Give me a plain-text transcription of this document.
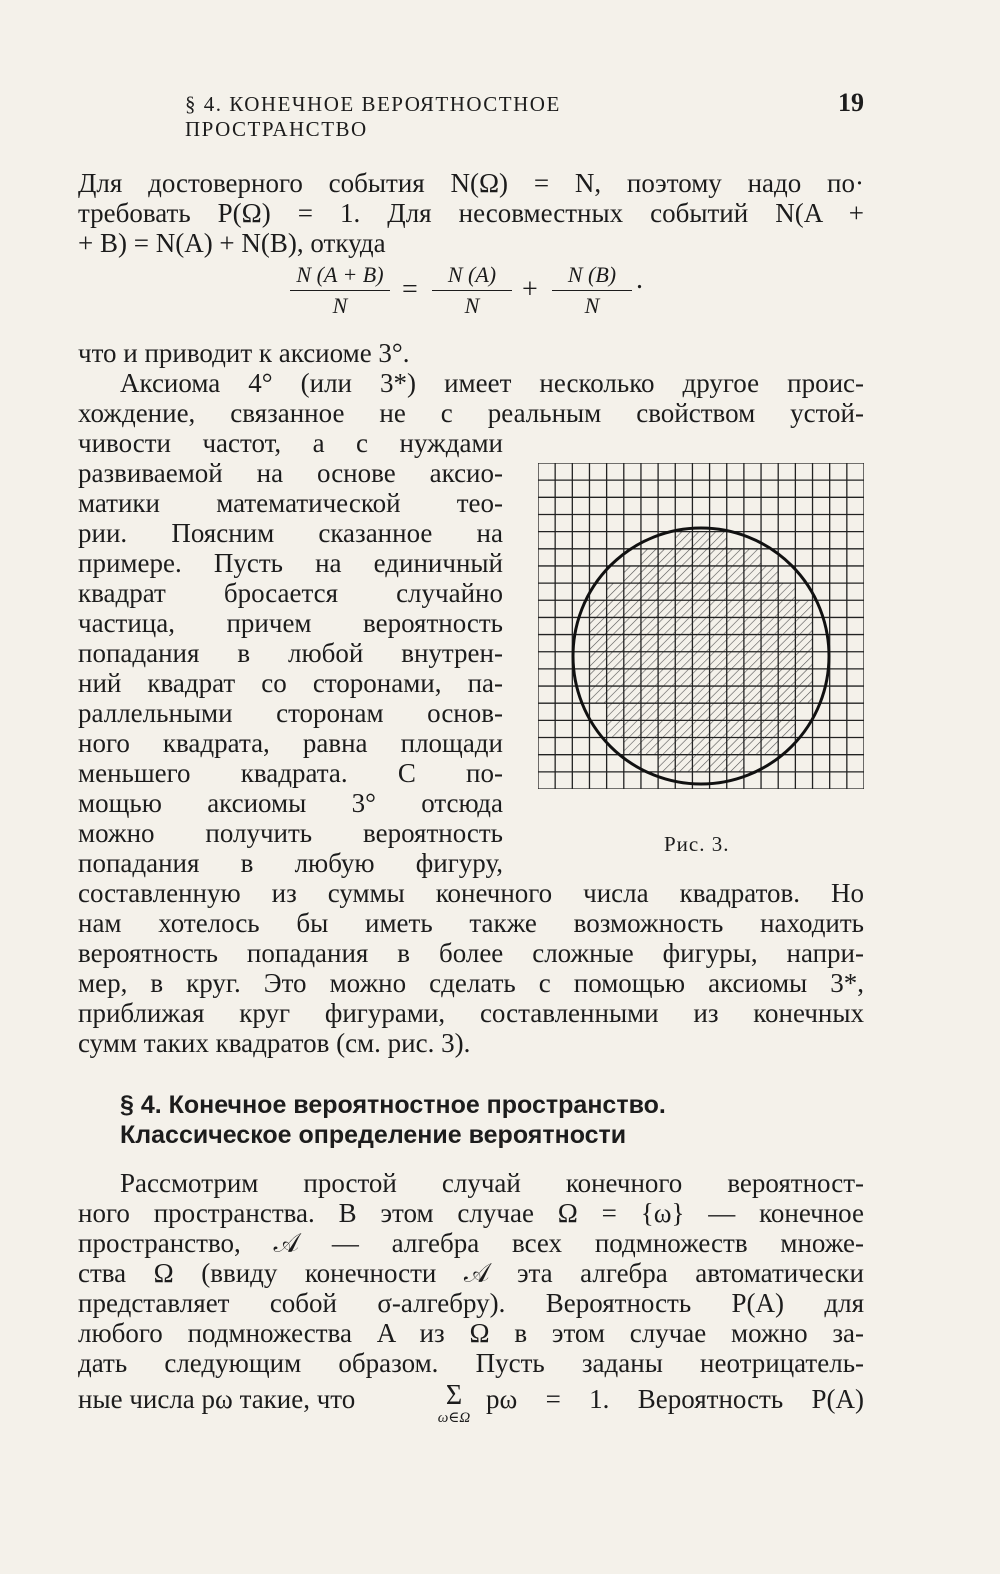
§ 4. КОНЕЧНОЕ ВЕРОЯТНОСТНОЕ ПРОСТРАНСТВО
19
Для достоверного события N(Ω) = N, поэтому надо по·
требовать P(Ω) = 1. Для несовместных событий N(A +
+ B) = N(A) + N(B), откуда
$\frac{N (A + B)}{N} = \frac{N (A)}{N} + \frac{N (B)}{N}$ .
что и приводит к аксиоме 3°.
Аксиома 4° (или 3*) имеет несколько другое проис-
хождение, связанное не с реальным свойством устой-
чивости частот, а с нуждами
развиваемой на основе аксио-
матики математической тео-
рии. Поясним сказанное на
примере. Пусть на единичный
квадрат бросается случайно
частица, причем вероятность
попадания в любой внутрен-
ний квадрат со сторонами, па-
раллельными сторонам основ-
ного квадрата, равна площади
меньшего квадрата. С по-
мощью аксиомы 3° отсюда
можно получить вероятность
попадания в любую фигуру,
Рис. 3.
составленную из суммы конечного числа квадратов. Но
нам хотелось бы иметь также возможность находить
вероятность попадания в более сложные фигуры, напри-
мер, в круг. Это можно сделать с помощью аксиомы 3*,
приближая круг фигурами, составленными из конечных
сумм таких квадратов (см. рис. 3).
§ 4. Конечное вероятностное пространство.
Классическое определение вероятности
Рассмотрим простой случай конечного вероятност-
ного пространства. В этом случае Ω = {ω} — конечное
пространство, 𝒜 — алгебра всех подмножеств множе-
ства Ω (ввиду конечности 𝒜 эта алгебра автоматически
представляет собой σ-алгебру). Вероятность P(A) для
любого подмножества A из Ω в этом случае можно за-
дать следующим образом. Пусть заданы неотрицатель-
ные числа pω такие, что	Σ
ω∈Ω
pω = 1. Вероятность P(A)
